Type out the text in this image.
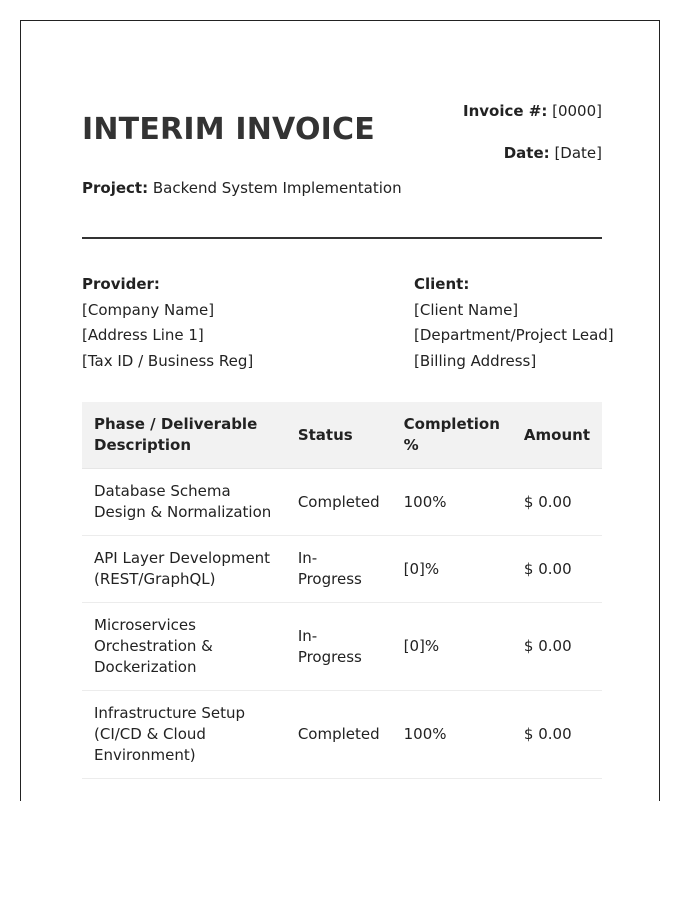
INTERIM INVOICE
Invoice #: [0000]
Date: [Date]
Project: Backend System Implementation
Provider:
[Company Name]
[Address Line 1]
[Tax ID / Business Reg]
Client:
[Client Name]
[Department/Project Lead]
[Billing Address]
Phase / Deliverable Description	Status	Completion %	Amount
Database Schema Design & Normalization	Completed	100%	$ 0.00
API Layer Development (REST/GraphQL)	In-Progress	[0]%	$ 0.00
Microservices Orchestration & Dockerization	In-Progress	[0]%	$ 0.00
Infrastructure Setup (CI/CD & Cloud Environment)	Completed	100%	$ 0.00
